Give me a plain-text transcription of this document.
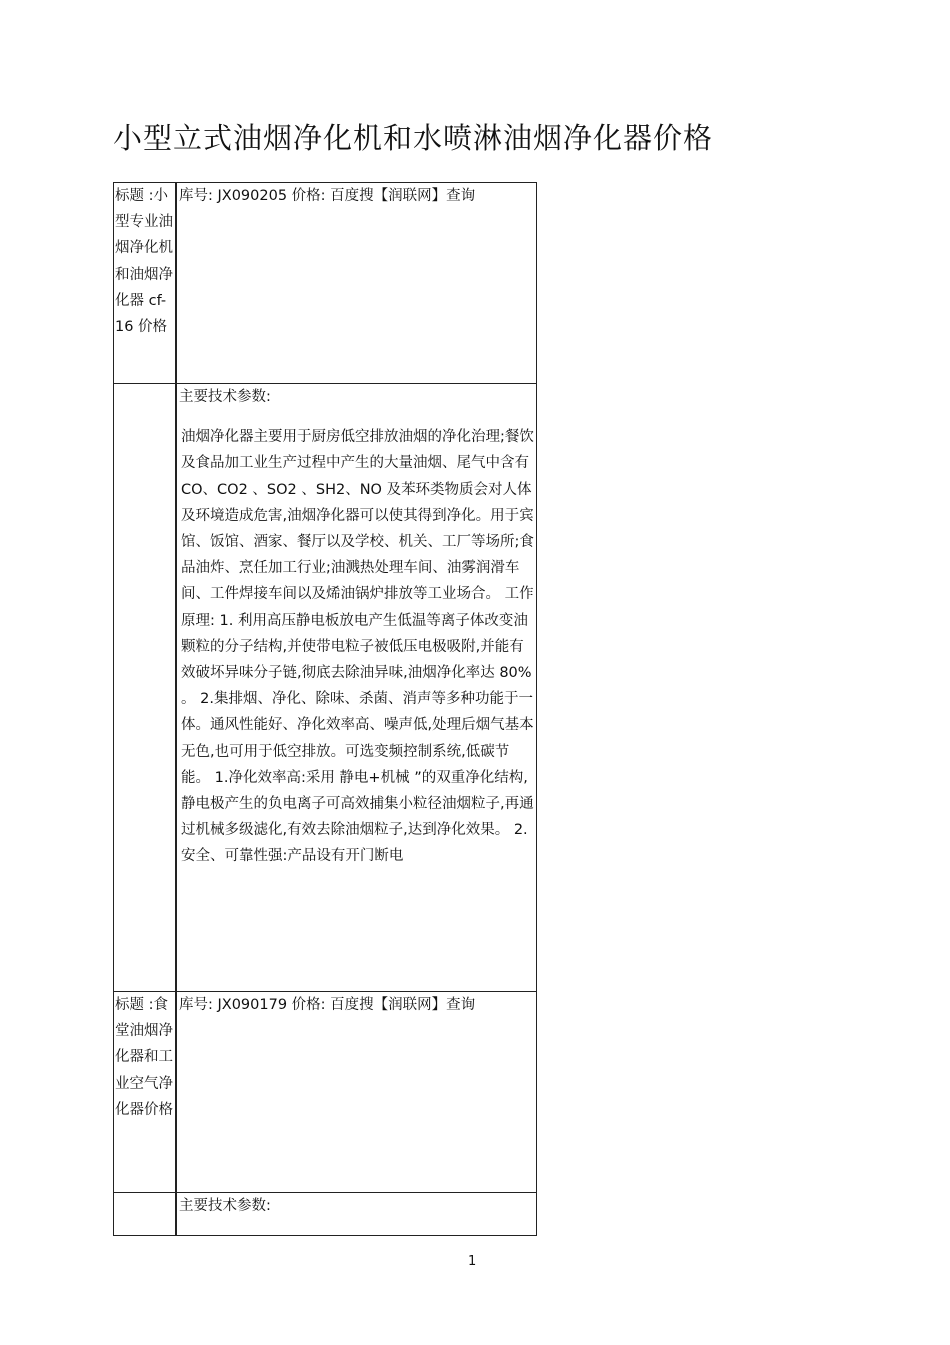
小型立式油烟净化机和水喷淋油烟净化器价格
标题 :小型专业油烟净化机和油烟净化器 cf-16 价格	库号: JX090205 价格: 百度搜【润联网】查询

	主要技术参数:
油烟净化器主要用于厨房低空排放油烟的净化治理;餐饮及食品加工业生产过程中产生的大量油烟、尾气中含有 CO、CO2 、SO2 、SH2、NO 及苯环类物质会对人体及环境造成危害,油烟净化器可以使其得到净化。用于宾馆、饭馆、酒家、餐厅以及学校、机关、工厂等场所;食品油炸、烹任加工行业;油溅热处理车间、油雾润滑车间、工件焊接车间以及烯油锅炉排放等工业场合。 工作原理: 1. 利用高压静电板放电产生低温等离子体改变油颗粒的分子结构,并使带电粒子被低压电极吸附,并能有效破坏异味分子链,彻底去除油异味,油烟净化率达 80% 。 2.集排烟、净化、除味、杀菌、消声等多种功能于一体。通风性能好、净化效率高、噪声低,处理后烟气基本无色,也可用于低空排放。可选变频控制系统,低碳节能。 1.净化效率高:采用 静电+机械 ”的双重净化结构,静电极产生的负电离子可高效捕集小粒径油烟粒子,再通过机械多级滤化,有效去除油烟粒子,达到净化效果。 2.安全、可靠性强:产品设有开门断电

标题 :食堂油烟净化器和工业空气净化器价格	库号: JX090179 价格: 百度搜【润联网】查询

	主要技术参数:
1
